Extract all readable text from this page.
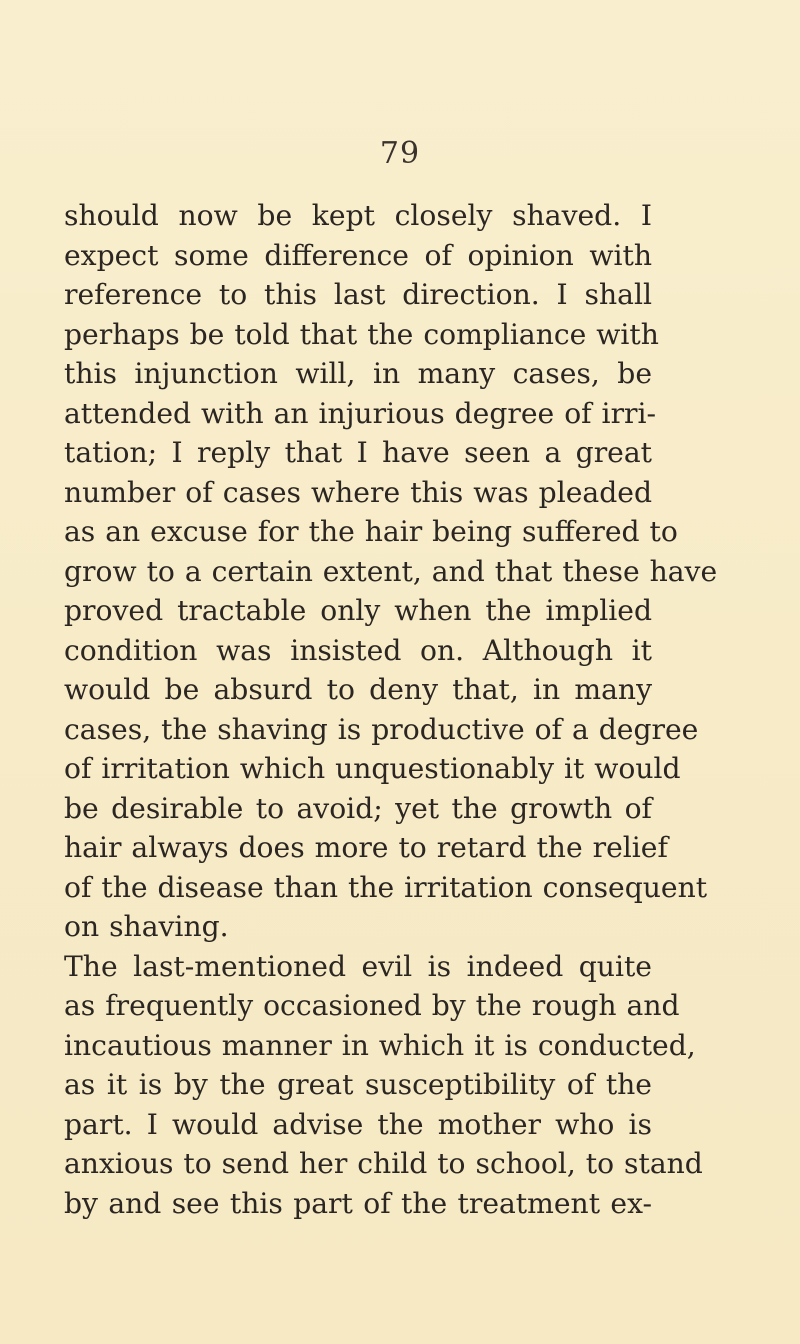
79
should now be kept closely shaved. I
expect some difference of opinion with
reference to this last direction. I shall
perhaps be told that the compliance with
this injunction will, in many cases, be
attended with an injurious degree of irri-
tation; I reply that I have seen a great
number of cases where this was pleaded
as an excuse for the hair being suffered to
grow to a certain extent, and that these have
proved tractable only when the implied
condition was insisted on. Although it
would be absurd to deny that, in many
cases, the shaving is productive of a degree
of irritation which unquestionably it would
be desirable to avoid; yet the growth of
hair always does more to retard the relief
of the disease than the irritation consequent
on shaving.
The last-mentioned evil is indeed quite
as frequently occasioned by the rough and
incautious manner in which it is conducted,
as it is by the great susceptibility of the
part. I would advise the mother who is
anxious to send her child to school, to stand
by and see this part of the treatment ex-
